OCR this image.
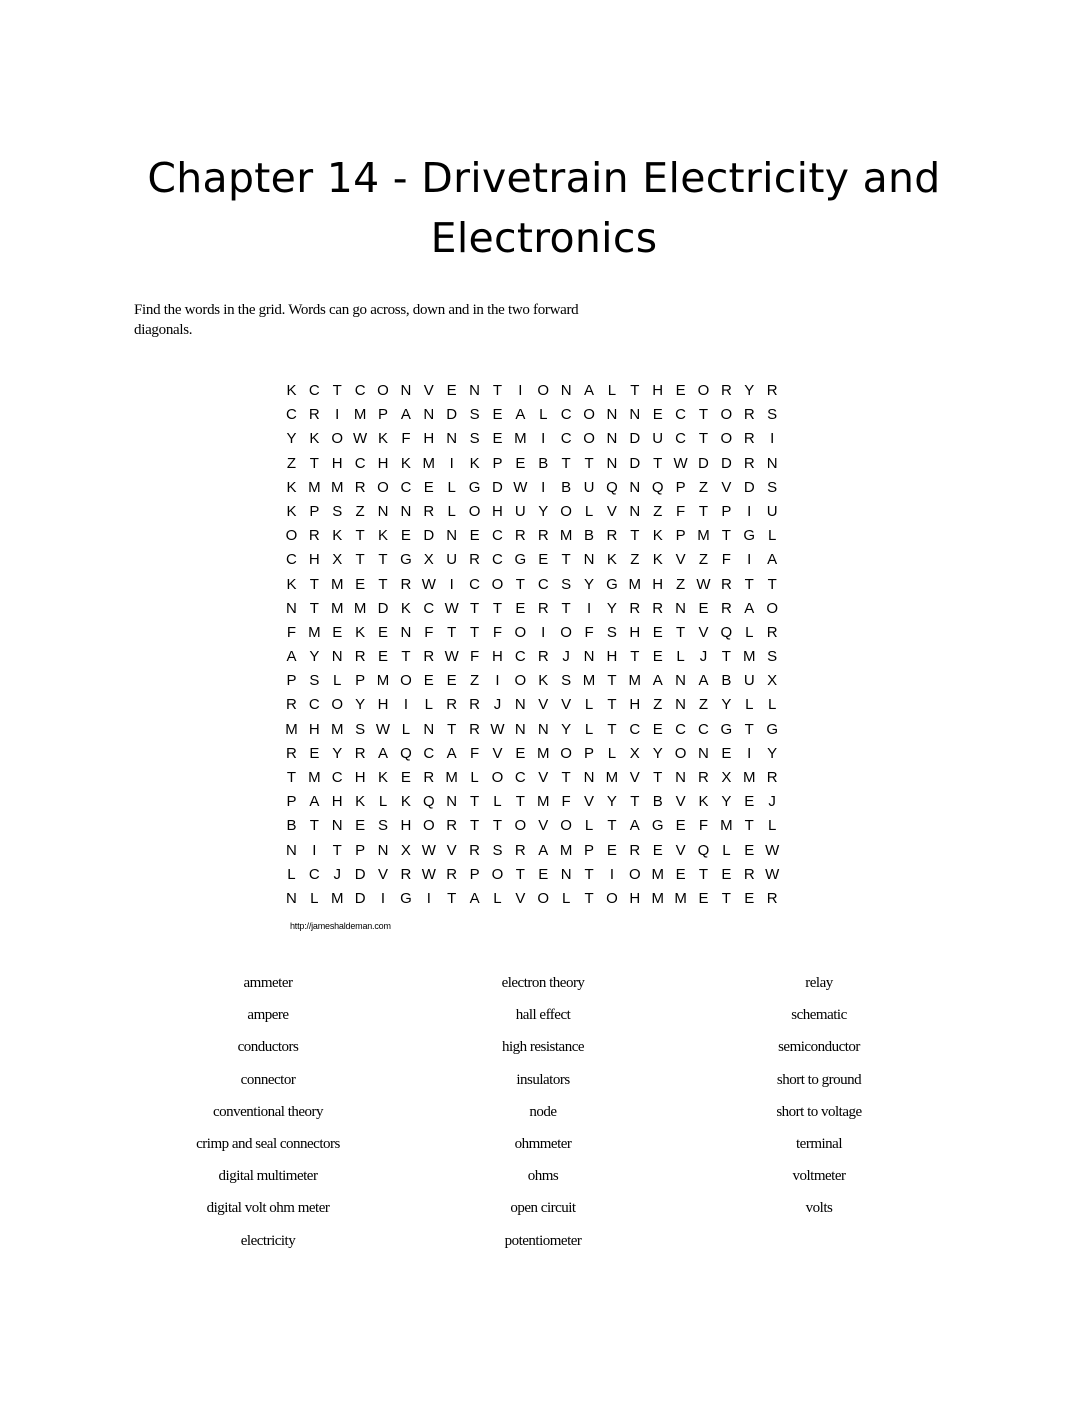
Chapter 14 - Drivetrain Electricity and Electronics
Find the words in the grid. Words can go across, down and in the two forward diagonals.
K C T C O N V E N T	I O N A L T H E O R Y R
C R	I M P A N D S E A L C O N N E C T O R S
Y K O W K F H N S E M I	C O N D U C T O R	I
Z T H C H K M I	K P E B T T N D T W D D R N
K M M R O C E L G D W I	B U Q N Q P Z V D S
K P S Z N N R L O H U Y O L V N Z F T P	I	U
O R K T K E D N E C R R M B R T K P M T G L
C H X T T G X U R C G E T N K Z K V Z F	I	A
K T M E T R W I	C O T C S Y G M H Z W R T T
N T M M D K C W T T E R T	I	Y R R N E R A O
F M E K E N F T T F O I O F S H E T V Q L R
A Y N R E T R W F H C R J N H T E L J T M S
P S L P M O E E Z	I O K S M T M A N A B U X
R C O Y H	I	L R R J N V V L T H Z N Z Y L L
M H M S W L N T R W N N Y L T C E C C G T G
R E Y R A Q C A F V E M O P L X Y O N E	I	Y
T M C H K E R M L O C V T N M V T N R X M R
P A H K L K Q N T L T M F V Y T B V K Y E J
B T N E S H O R T T O V O L T A G E F M T L
N	I	T P N X W V R S R A M P E R E V Q L E W
L C J D V R W R P O T E N T	I O M E T E R W
N L M D	I G I	T A L V O L T O H M M E T E R
http://jameshaldeman.com
ammeter
ampere
conductors
connector
conventional theory
crimp and seal connectors
digital multimeter
digital volt ohm meter
electricity
electron theory
hall effect
high resistance
insulators
node
ohmmeter
ohms
open circuit
potentiometer
relay
schematic
semiconductor
short to ground
short to voltage
terminal
voltmeter
volts
